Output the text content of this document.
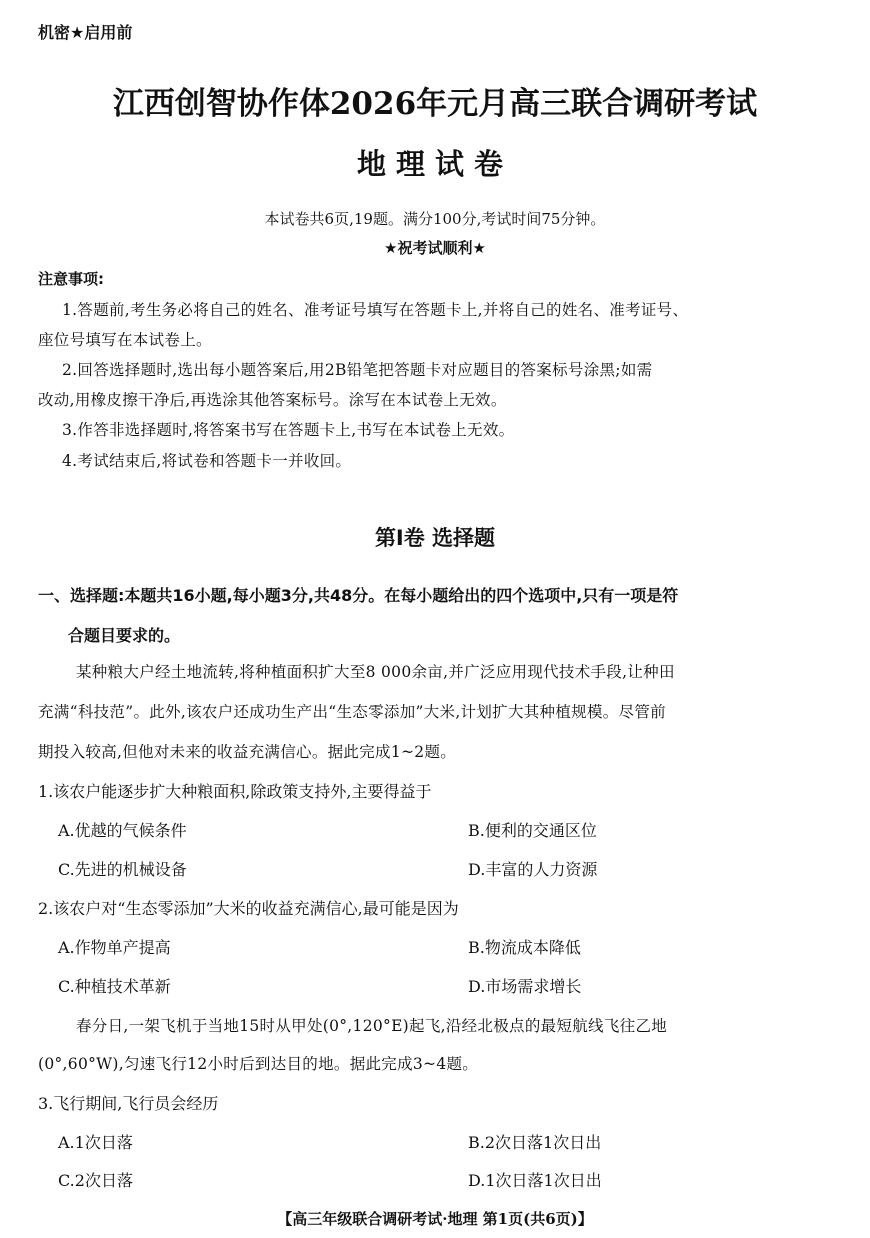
机密★启用前
江西创智协作体2026年元月高三联合调研考试
地理试卷
本试卷共6页,19题。满分100分,考试时间75分钟。
★祝考试顺利★
注意事项:
1.答题前,考生务必将自己的姓名、准考证号填写在答题卡上,并将自己的姓名、准考证号、
座位号填写在本试卷上。
2.回答选择题时,选出每小题答案后,用2B铅笔把答题卡对应题目的答案标号涂黑;如需
改动,用橡皮擦干净后,再选涂其他答案标号。涂写在本试卷上无效。
3.作答非选择题时,将答案书写在答题卡上,书写在本试卷上无效。
4.考试结束后,将试卷和答题卡一并收回。
第Ⅰ卷 选择题
一、选择题:本题共16小题,每小题3分,共48分。在每小题给出的四个选项中,只有一项是符
合题目要求的。
某种粮大户经土地流转,将种植面积扩大至8 000余亩,并广泛应用现代技术手段,让种田
充满“科技范”。此外,该农户还成功生产出“生态零添加”大米,计划扩大其种植规模。尽管前
期投入较高,但他对未来的收益充满信心。据此完成1~2题。
1.该农户能逐步扩大种粮面积,除政策支持外,主要得益于
A.优越的气候条件	B.便利的交通区位
C.先进的机械设备	D.丰富的人力资源
2.该农户对“生态零添加”大米的收益充满信心,最可能是因为
A.作物单产提高	B.物流成本降低
C.种植技术革新	D.市场需求增长
春分日,一架飞机于当地15时从甲处(0°,120°E)起飞,沿经北极点的最短航线飞往乙地
(0°,60°W),匀速飞行12小时后到达目的地。据此完成3~4题。
3.飞行期间,飞行员会经历
A.1次日落	B.2次日落1次日出
C.2次日落	D.1次日落1次日出
【高三年级联合调研考试·地理 第1页(共6页)】
